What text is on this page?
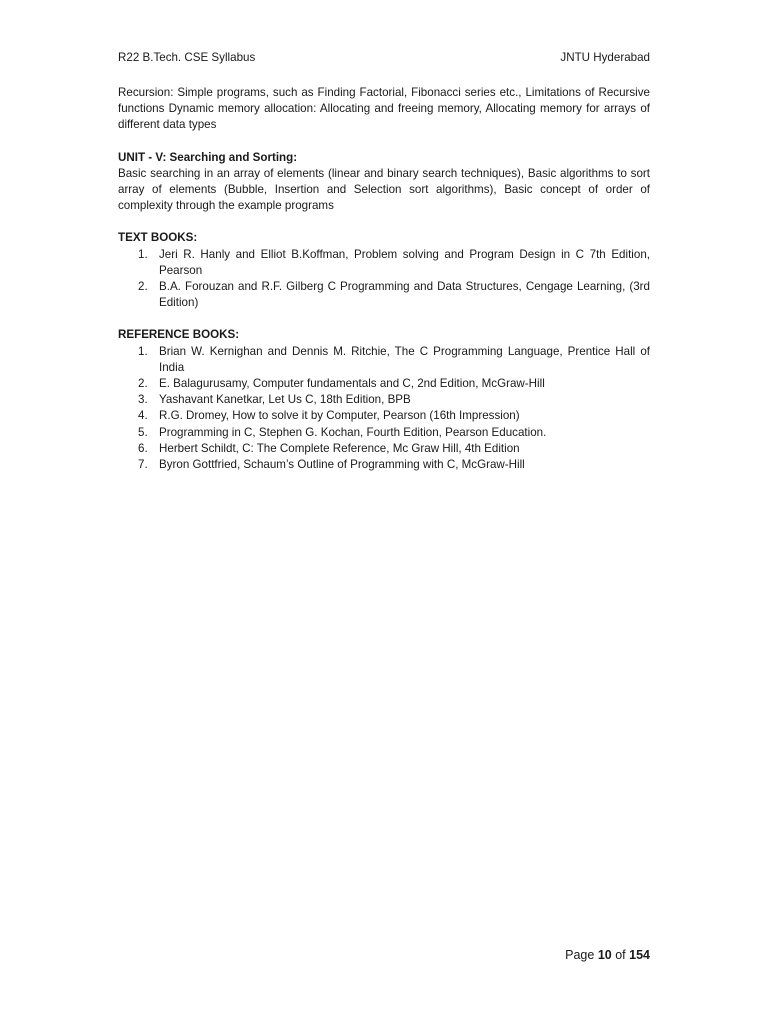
R22 B.Tech. CSE Syllabus	JNTU Hyderabad

Recursion: Simple programs, such as Finding Factorial, Fibonacci series etc., Limitations of Recursive functions Dynamic memory allocation: Allocating and freeing memory, Allocating memory for arrays of different data types

UNIT - V: Searching and Sorting:

Basic searching in an array of elements (linear and binary search techniques), Basic algorithms to sort array of elements (Bubble, Insertion and Selection sort algorithms), Basic concept of order of complexity through the example programs

TEXT BOOKS:

1. Jeri R. Hanly and Elliot B.Koffman, Problem solving and Program Design in C 7th Edition, Pearson
2. B.A. Forouzan and R.F. Gilberg C Programming and Data Structures, Cengage Learning, (3rd Edition)

REFERENCE BOOKS:

1. Brian W. Kernighan and Dennis M. Ritchie, The C Programming Language, Prentice Hall of India
2. E. Balagurusamy, Computer fundamentals and C, 2nd Edition, McGraw-Hill
3. Yashavant Kanetkar, Let Us C, 18th Edition, BPB
4. R.G. Dromey, How to solve it by Computer, Pearson (16th Impression)
5. Programming in C, Stephen G. Kochan, Fourth Edition, Pearson Education.
6. Herbert Schildt, C: The Complete Reference, Mc Graw Hill, 4th Edition
7. Byron Gottfried, Schaum’s Outline of Programming with C, McGraw-Hill
Page 10 of 154
